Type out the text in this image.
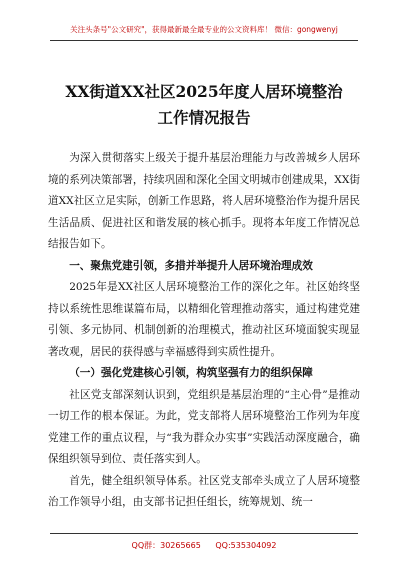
关注头条号"公文研究"，获得最新最全最专业的公文资料库！ 微信：gongwenyj
XX街道XX社区2025年度人居环境整治
工作情况报告

为深入贯彻落实上级关于提升基层治理能力与改善城乡人居环境的系列决策部署，持续巩固和深化全国文明城市创建成果，XX街道XX社区立足实际，创新工作思路，将人居环境整治作为提升居民生活品质、促进社区和谐发展的核心抓手。现将本年度工作情况总结报告如下。

一、聚焦党建引领，多措并举提升人居环境治理成效

2025年是XX社区人居环境整治工作的深化之年。社区始终坚持以系统性思维谋篇布局，以精细化管理推动落实，通过构建党建引领、多元协同、机制创新的治理模式，推动社区环境面貌实现显著改观，居民的获得感与幸福感得到实质性提升。

（一）强化党建核心引领，构筑坚强有力的组织保障

社区党支部深刻认识到，党组织是基层治理的“主心骨”是推动一切工作的根本保证。为此，党支部将人居环境整治工作列为年度党建工作的重点议程，与“我为群众办实事”实践活动深度融合，确保组织领导到位、责任落实到人。

首先，健全组织领导体系。社区党支部牵头成立了人居环境整治工作领导小组，由支部书记担任组长，统筹规划、统一

QQ群：30265665 QQ:535304092
